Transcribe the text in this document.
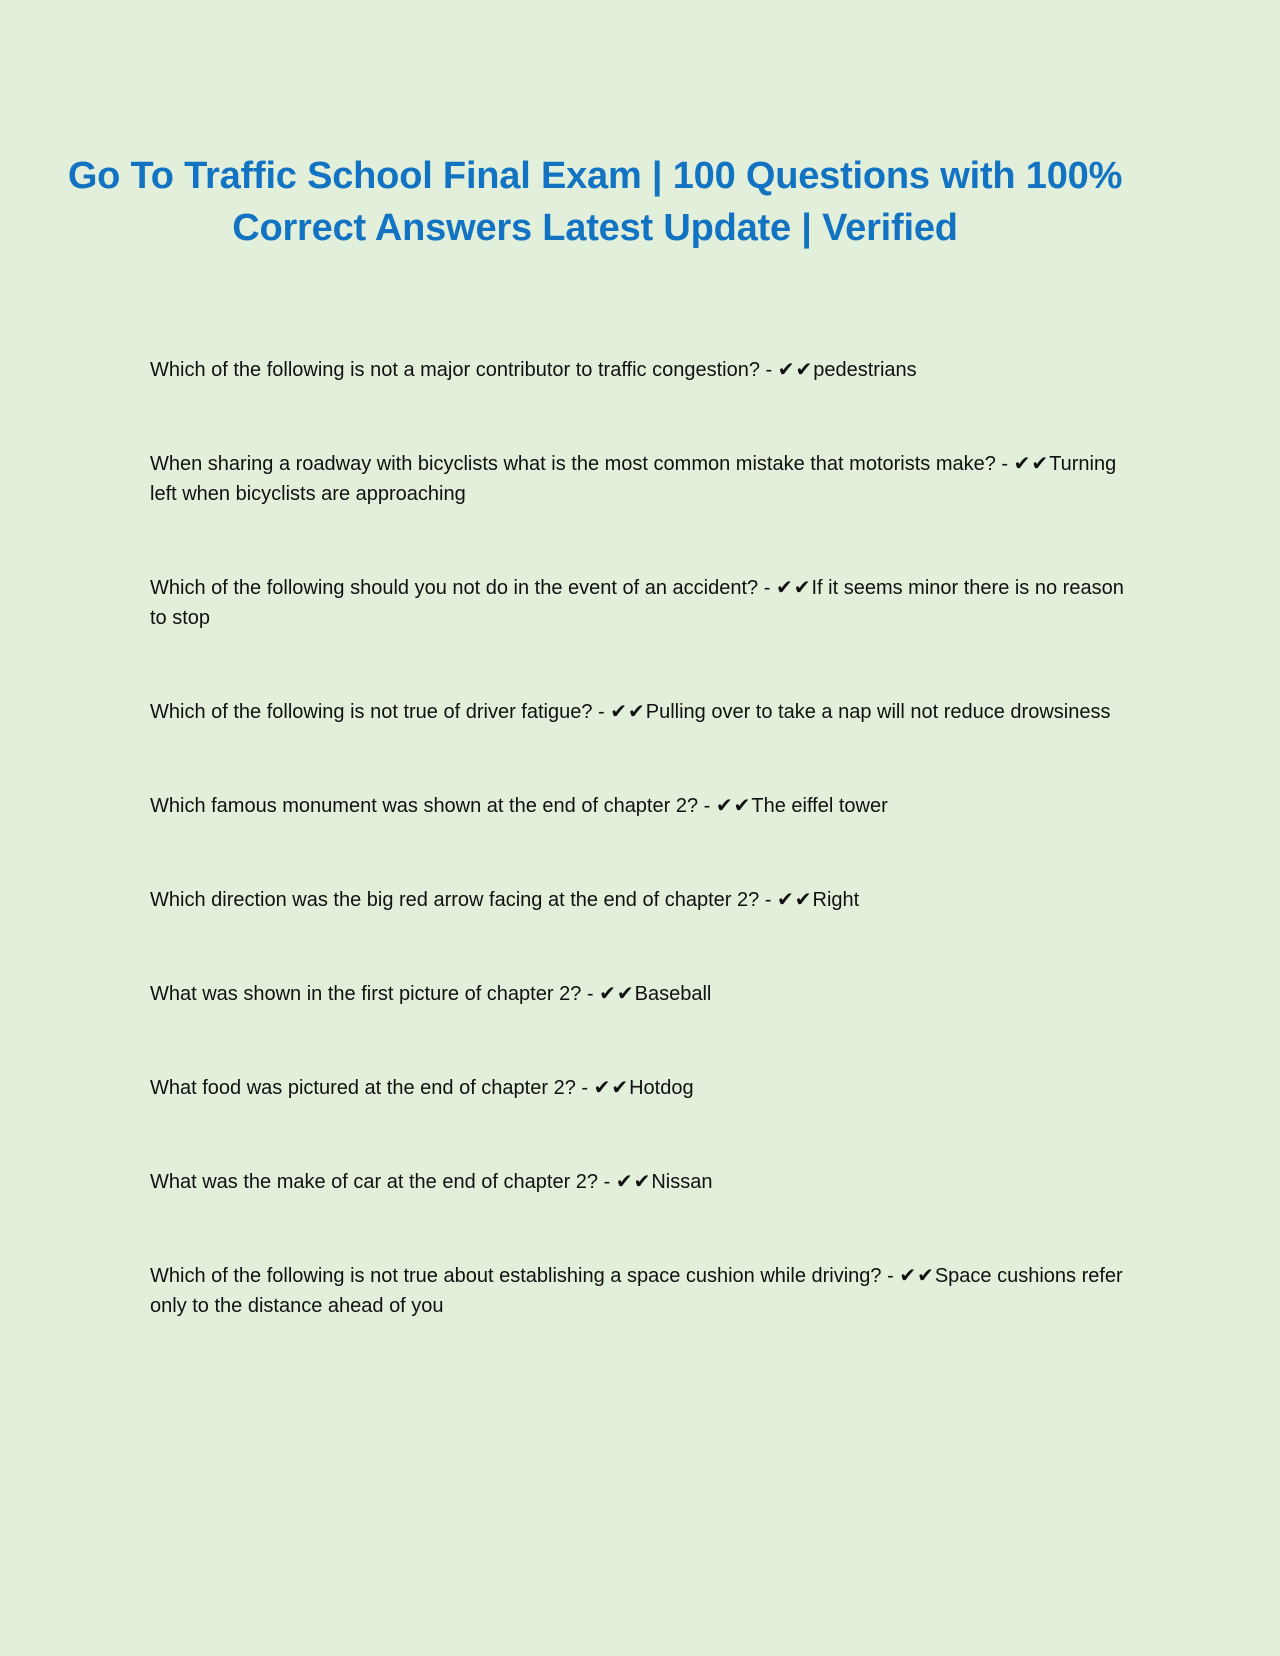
Go To Traffic School Final Exam | 100 Questions with 100%
Correct Answers Latest Update | Verified
Which of the following is not a major contributor to traffic congestion? - ✔✔pedestrians
When sharing a roadway with bicyclists what is the most common mistake that motorists make? - ✔✔Turning left when bicyclists are approaching
Which of the following should you not do in the event of an accident? - ✔✔If it seems minor there is no reason to stop
Which of the following is not true of driver fatigue? - ✔✔Pulling over to take a nap will not reduce drowsiness
Which famous monument was shown at the end of chapter 2? - ✔✔The eiffel tower
Which direction was the big red arrow facing at the end of chapter 2? - ✔✔Right
What was shown in the first picture of chapter 2? - ✔✔Baseball
What food was pictured at the end of chapter 2? - ✔✔Hotdog
What was the make of car at the end of chapter 2? - ✔✔Nissan
Which of the following is not true about establishing a space cushion while driving? - ✔✔Space cushions refer only to the distance ahead of you
